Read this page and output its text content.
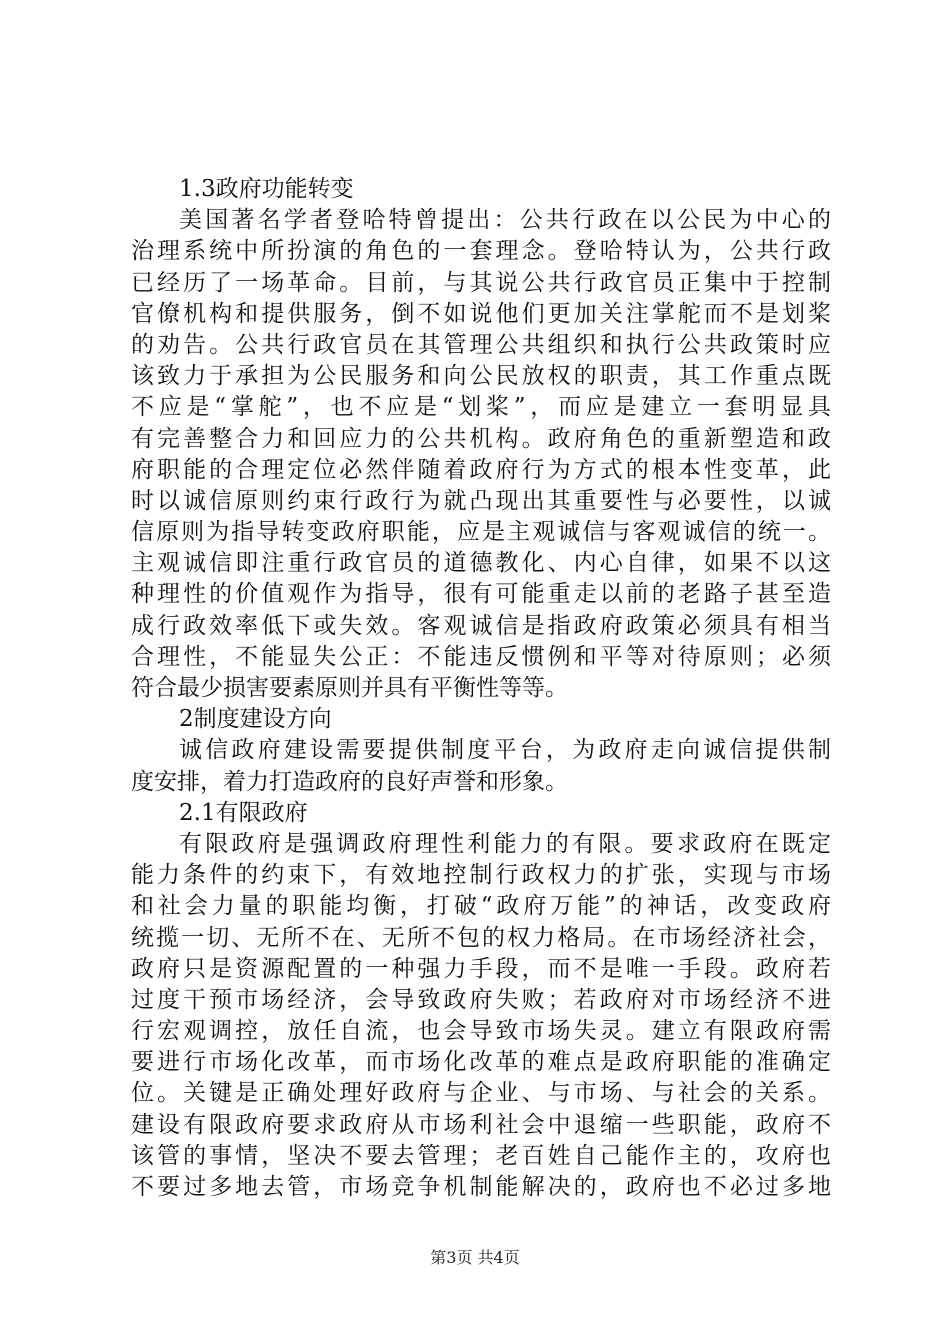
1.3政府功能转变
美国著名学者登哈特曾提出：公共行政在以公民为中心的
治理系统中所扮演的角色的一套理念。登哈特认为，公共行政
已经历了一场革命。目前，与其说公共行政官员正集中于控制
官僚机构和提供服务，倒不如说他们更加关注掌舵而不是划桨
的劝告。公共行政官员在其管理公共组织和执行公共政策时应
该致力于承担为公民服务和向公民放权的职责，其工作重点既
不应是“掌舵”，也不应是“划桨”，而应是建立一套明显具
有完善整合力和回应力的公共机构。政府角色的重新塑造和政
府职能的合理定位必然伴随着政府行为方式的根本性变革，此
时以诚信原则约束行政行为就凸现出其重要性与必要性，以诚
信原则为指导转变政府职能，应是主观诚信与客观诚信的统一。
主观诚信即注重行政官员的道德教化、内心自律，如果不以这
种理性的价值观作为指导，很有可能重走以前的老路子甚至造
成行政效率低下或失效。客观诚信是指政府政策必须具有相当
合理性，不能显失公正：不能违反惯例和平等对待原则；必须
符合最少损害要素原则并具有平衡性等等。
2制度建设方向
诚信政府建设需要提供制度平台，为政府走向诚信提供制
度安排，着力打造政府的良好声誉和形象。
2.1有限政府
有限政府是强调政府理性利能力的有限。要求政府在既定
能力条件的约束下，有效地控制行政权力的扩张，实现与市场
和社会力量的职能均衡，打破“政府万能”的神话，改变政府
统揽一切、无所不在、无所不包的权力格局。在市场经济社会，
政府只是资源配置的一种强力手段，而不是唯一手段。政府若
过度干预市场经济，会导致政府失败；若政府对市场经济不进
行宏观调控，放任自流，也会导致市场失灵。建立有限政府需
要进行市场化改革，而市场化改革的难点是政府职能的准确定
位。关键是正确处理好政府与企业、与市场、与社会的关系。
建设有限政府要求政府从市场利社会中退缩一些职能，政府不
该管的事情，坚决不要去管理；老百姓自己能作主的，攻府也
不要过多地去管，市场竞争机制能解决的，政府也不必过多地
第3页 共4页
